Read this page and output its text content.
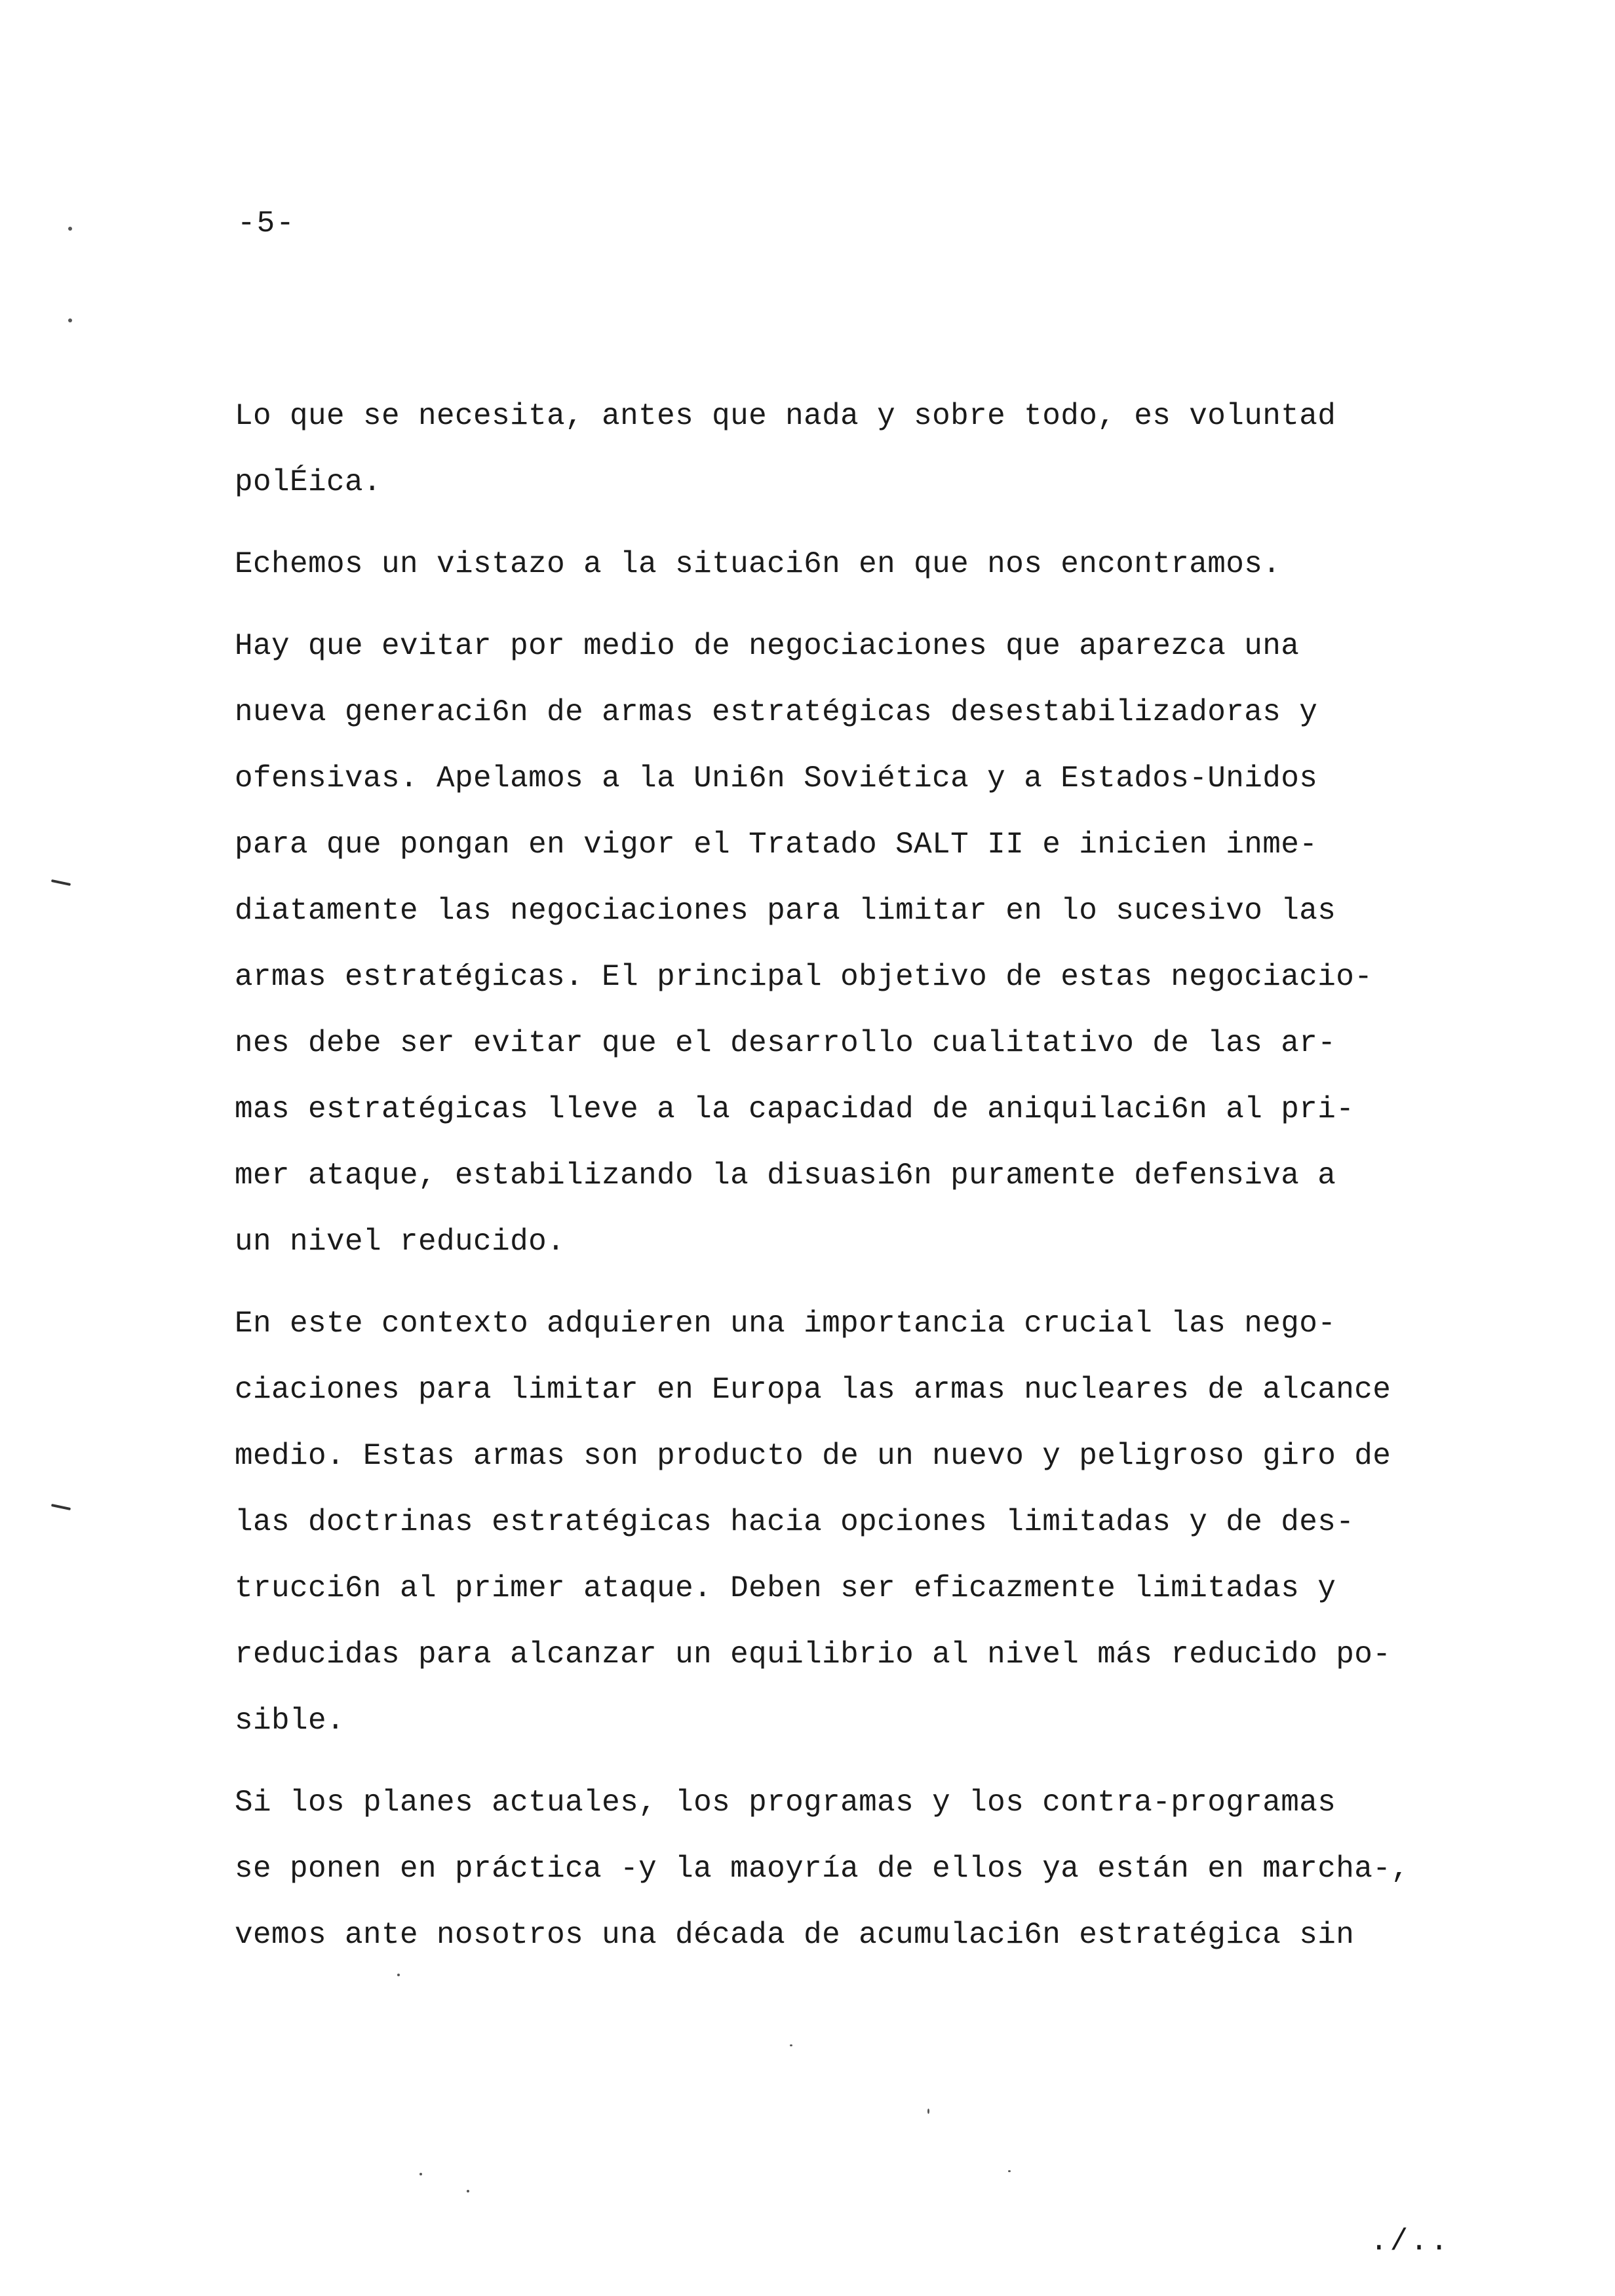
-5-
Lo que se necesita, antes que nada y sobre todo, es voluntad
polÉica.
Echemos un vistazo a la situaci6n en que nos encontramos.
Hay que evitar por medio de negociaciones que aparezca una
nueva generaci6n de armas estratégicas desestabilizadoras y
ofensivas. Apelamos a la Uni6n Soviética y a Estados-Unidos
para que pongan en vigor el Tratado SALT II e inicien inme-
diatamente las negociaciones para limitar en lo sucesivo las
armas estratégicas. El principal objetivo de estas negociacio-
nes debe ser evitar que el desarrollo cualitativo de las ar-
mas estratégicas lleve a la capacidad de aniquilaci6n al pri-
mer ataque, estabilizando la disuasi6n puramente defensiva a
un nivel reducido.
En este contexto adquieren una importancia crucial las nego-
ciaciones para limitar en Europa las armas nucleares de alcance
medio. Estas armas son producto de un nuevo y peligroso giro de
las doctrinas estratégicas hacia opciones limitadas y de des-
trucci6n al primer ataque. Deben ser eficazmente limitadas y
reducidas para alcanzar un equilibrio al nivel más reducido po-
sible.
Si los planes actuales, los programas y los contra-programas
se ponen en práctica -y la maoyría de ellos ya están en marcha-,
vemos ante nosotros una década de acumulaci6n estratégica sin
./..
